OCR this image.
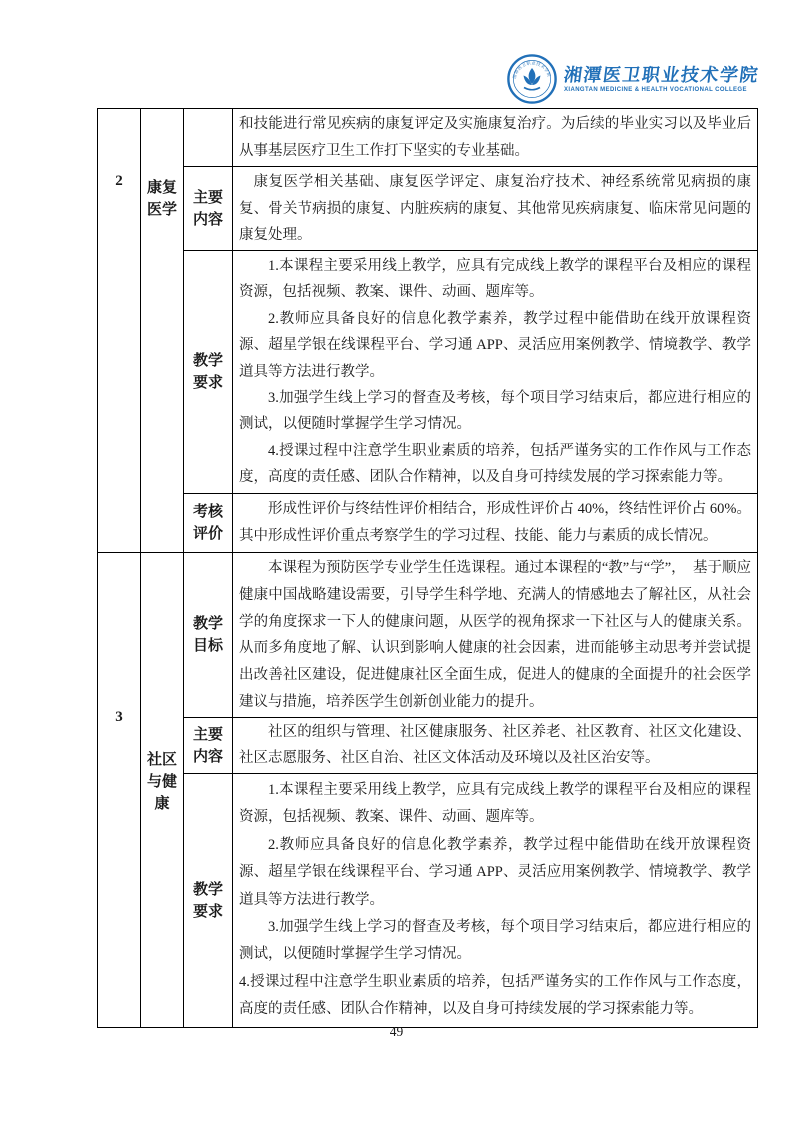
湘潭医卫职业技术学院 湘潭医卫职业技术学院
XIANGTAN MEDICINE & HEALTH VOCATIONAL COLLEGE
2	康复医学

和技能进行常见疾病的康复评定及实施康复治疗。为后续的毕业实习以及毕业后从事基层医疗卫生工作打下坚实的专业基础。

主要内容

康复医学相关基础、康复医学评定、康复治疗技术、神经系统常见病损的康复、骨关节病损的康复、内脏疾病的康复、其他常见疾病康复、临床常见问题的康复处理。

教学要求

1.本课程主要采用线上教学，应具有完成线上教学的课程平台及相应的课程资源，包括视频、教案、课件、动画、题库等。

2.教师应具备良好的信息化教学素养，教学过程中能借助在线开放课程资源、超星学银在线课程平台、学习通 APP、灵活应用案例教学、情境教学、教学道具等方法进行教学。

3.加强学生线上学习的督查及考核，每个项目学习结束后，都应进行相应的测试，以便随时掌握学生学习情况。

4.授课过程中注意学生职业素质的培养，包括严谨务实的工作作风与工作态度，高度的责任感、团队合作精神，以及自身可持续发展的学习探索能力等。

考核评价

形成性评价与终结性评价相结合，形成性评价占 40%，终结性评价占 60%。其中形成性评价重点考察学生的学习过程、技能、能力与素质的成长情况。

3
社区与健康
教学目标

本课程为预防医学专业学生任选课程。通过本课程的“教”与“学”，　基于顺应健康中国战略建设需要，引导学生科学地、充满人的情感地去了解社区，从社会学的角度探求一下人的健康问题，从医学的视角探求一下社区与人的健康关系。从而多角度地了解、认识到影响人健康的社会因素，进而能够主动思考并尝试提出改善社区建设，促进健康社区全面生成，促进人的健康的全面提升的社会医学建议与措施，培养医学生创新创业能力的提升。

主要内容

社区的组织与管理、社区健康服务、社区养老、社区教育、社区文化建设、社区志愿服务、社区自治、社区文体活动及环境以及社区治安等。

教学要求

1.本课程主要采用线上教学，应具有完成线上教学的课程平台及相应的课程资源，包括视频、教案、课件、动画、题库等。

2.教师应具备良好的信息化教学素养，教学过程中能借助在线开放课程资源、超星学银在线课程平台、学习通 APP、灵活应用案例教学、情境教学、教学道具等方法进行教学。

3.加强学生线上学习的督查及考核，每个项目学习结束后，都应进行相应的测试，以便随时掌握学生学习情况。

4.授课过程中注意学生职业素质的培养，包括严谨务实的工作作风与工作态度，高度的责任感、团队合作精神，以及自身可持续发展的学习探索能力等。

49
